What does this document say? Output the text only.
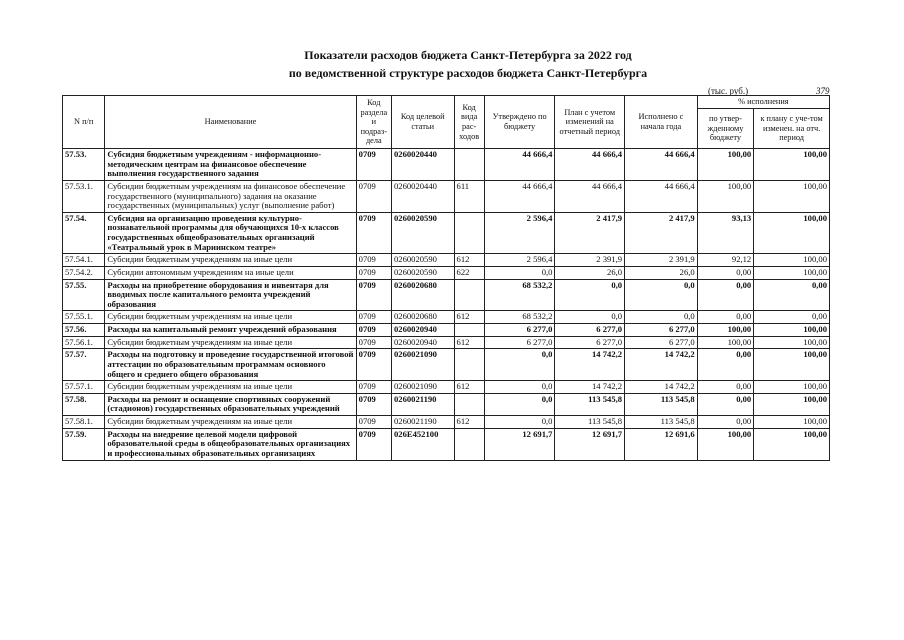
Показатели расходов бюджета Санкт-Петербурга за 2022 год
по ведомственной структуре расходов бюджета Санкт-Петербурга
(тыс. руб.)	379
N п/п	Наименование	Код раздела и подраз-дела	Код целевой статьи	Код вида рас-ходов	Утверждено по бюджету	План с учетом изменений на отчетный период	Исполнено с начала года	% исполнения	
								по утвер-жденному бюджету	к плану с уче-том изменен. на отч. период
57.53.	Субсидия бюджетным учреждениям - информационно-методическим центрам на финансовое обеспечение выполнения государственного задания	0709	0260020440		44 666,4	44 666,4	44 666,4	100,00	100,00
57.53.1.	Субсидии бюджетным учреждениям на финансовое обеспечение государственного (муниципального) задания на оказание государственных (муниципальных) услуг (выполнение работ)	0709	0260020440	611	44 666,4	44 666,4	44 666,4	100,00	100,00
57.54.	Субсидия на организацию проведения культурно-познавательной программы для обучающихся 10-х классов государственных общеобразовательных организаций «Театральный урок в Мариинском театре»	0709	0260020590		2 596,4	2 417,9	2 417,9	93,13	100,00
57.54.1.	Субсидии бюджетным учреждениям на иные цели	0709	0260020590	612	2 596,4	2 391,9	2 391,9	92,12	100,00
57.54.2.	Субсидии автономным учреждениям на иные цели	0709	0260020590	622	0,0	26,0	26,0	0,00	100,00
57.55.	Расходы на приобретение оборудования и инвентаря для вводимых после капитального ремонта учреждений образования	0709	0260020680		68 532,2	0,0	0,0	0,00	0,00
57.55.1.	Субсидии бюджетным учреждениям на иные цели	0709	0260020680	612	68 532,2	0,0	0,0	0,00	0,00
57.56.	Расходы на капитальный ремонт учреждений образования	0709	0260020940		6 277,0	6 277,0	6 277,0	100,00	100,00
57.56.1.	Субсидии бюджетным учреждениям на иные цели	0709	0260020940	612	6 277,0	6 277,0	6 277,0	100,00	100,00
57.57.	Расходы на подготовку и проведение государственной итоговой аттестации по образовательным программам основного общего и среднего общего образования	0709	0260021090		0,0	14 742,2	14 742,2	0,00	100,00
57.57.1.	Субсидии бюджетным учреждениям на иные цели	0709	0260021090	612	0,0	14 742,2	14 742,2	0,00	100,00
57.58.	Расходы на ремонт и оснащение спортивных сооружений (стадионов) государственных образовательных учреждений	0709	0260021190		0,0	113 545,8	113 545,8	0,00	100,00
57.58.1.	Субсидии бюджетным учреждениям на иные цели	0709	0260021190	612	0,0	113 545,8	113 545,8	0,00	100,00
57.59.	Расходы на внедрение целевой модели цифровой образовательной среды в общеобразовательных организациях и профессиональных образовательных организациях	0709	026E452100		12 691,7	12 691,7	12 691,6	100,00	100,00
